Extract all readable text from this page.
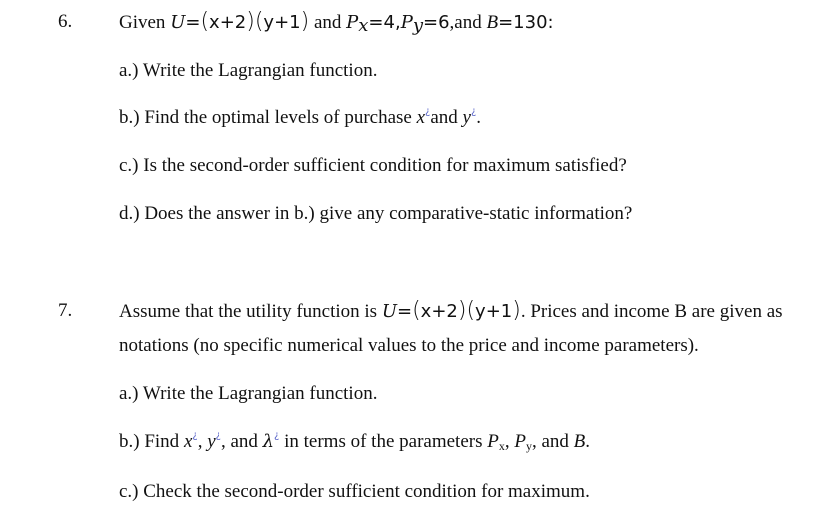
6. Given U=(x+2)(y+1) and $P_x=4,P_y=6,and$ B=130:
a.) Write the Lagrangian function.
b.) Find the optimal levels of purchase x¿and y¿.
c.) Is the second-order sufficient condition for maximum satisfied?
d.) Does the answer in b.) give any comparative-static information?
7. Assume that the utility function is U=(x+2)(y+1). Prices and income B are given as
notations (no specific numerical values to the price and income parameters).
a.) Write the Lagrangian function.
b.) Find x¿, y¿, and λ¿ in terms of the parameters $P_x$, $P_y$, and B.
c.) Check the second-order sufficient condition for maximum.
